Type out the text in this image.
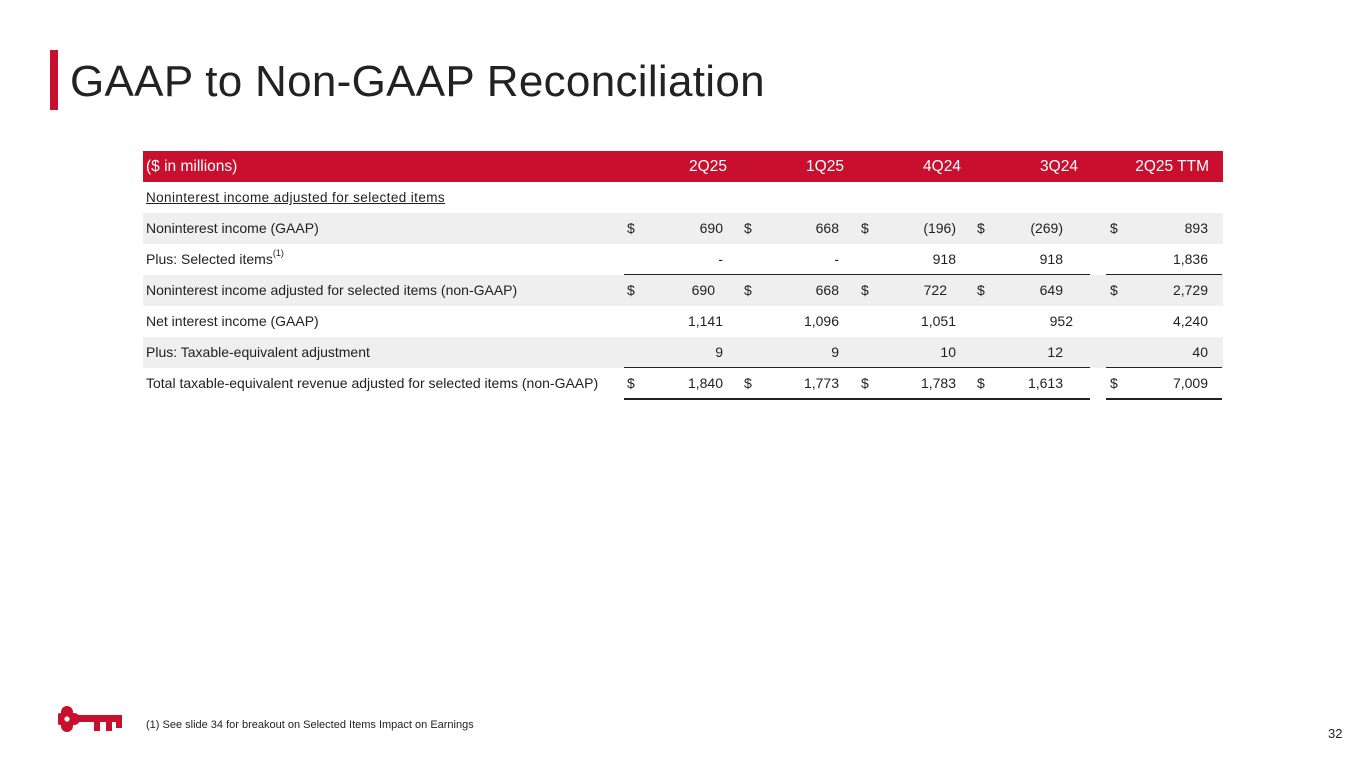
GAAP to Non-GAAP Reconciliation
($ in millions)	2Q25	1Q25	4Q24	3Q24	2Q25 TTM
Noninterest income adjusted for selected items
Noninterest income (GAAP)	$	690 $	668 $	(196) $	(269)	$	893
Plus: Selected items$^{(1)}$	-	-	918	918	1,836
Noninterest income adjusted for selected items (non-GAAP)	$	690 $	668 $	722 $	649	$	2,729
Net interest income (GAAP)	1,141	1,096	1,051	952	4,240
Plus: Taxable-equivalent adjustment	9	9	10	12	40
Total taxable-equivalent revenue adjusted for selected items (non-GAAP) $	1,840 $	1,773 $	1,783 $	1,613	$	7,009
(1) See slide 34 for breakout on Selected Items Impact on Earnings
32
